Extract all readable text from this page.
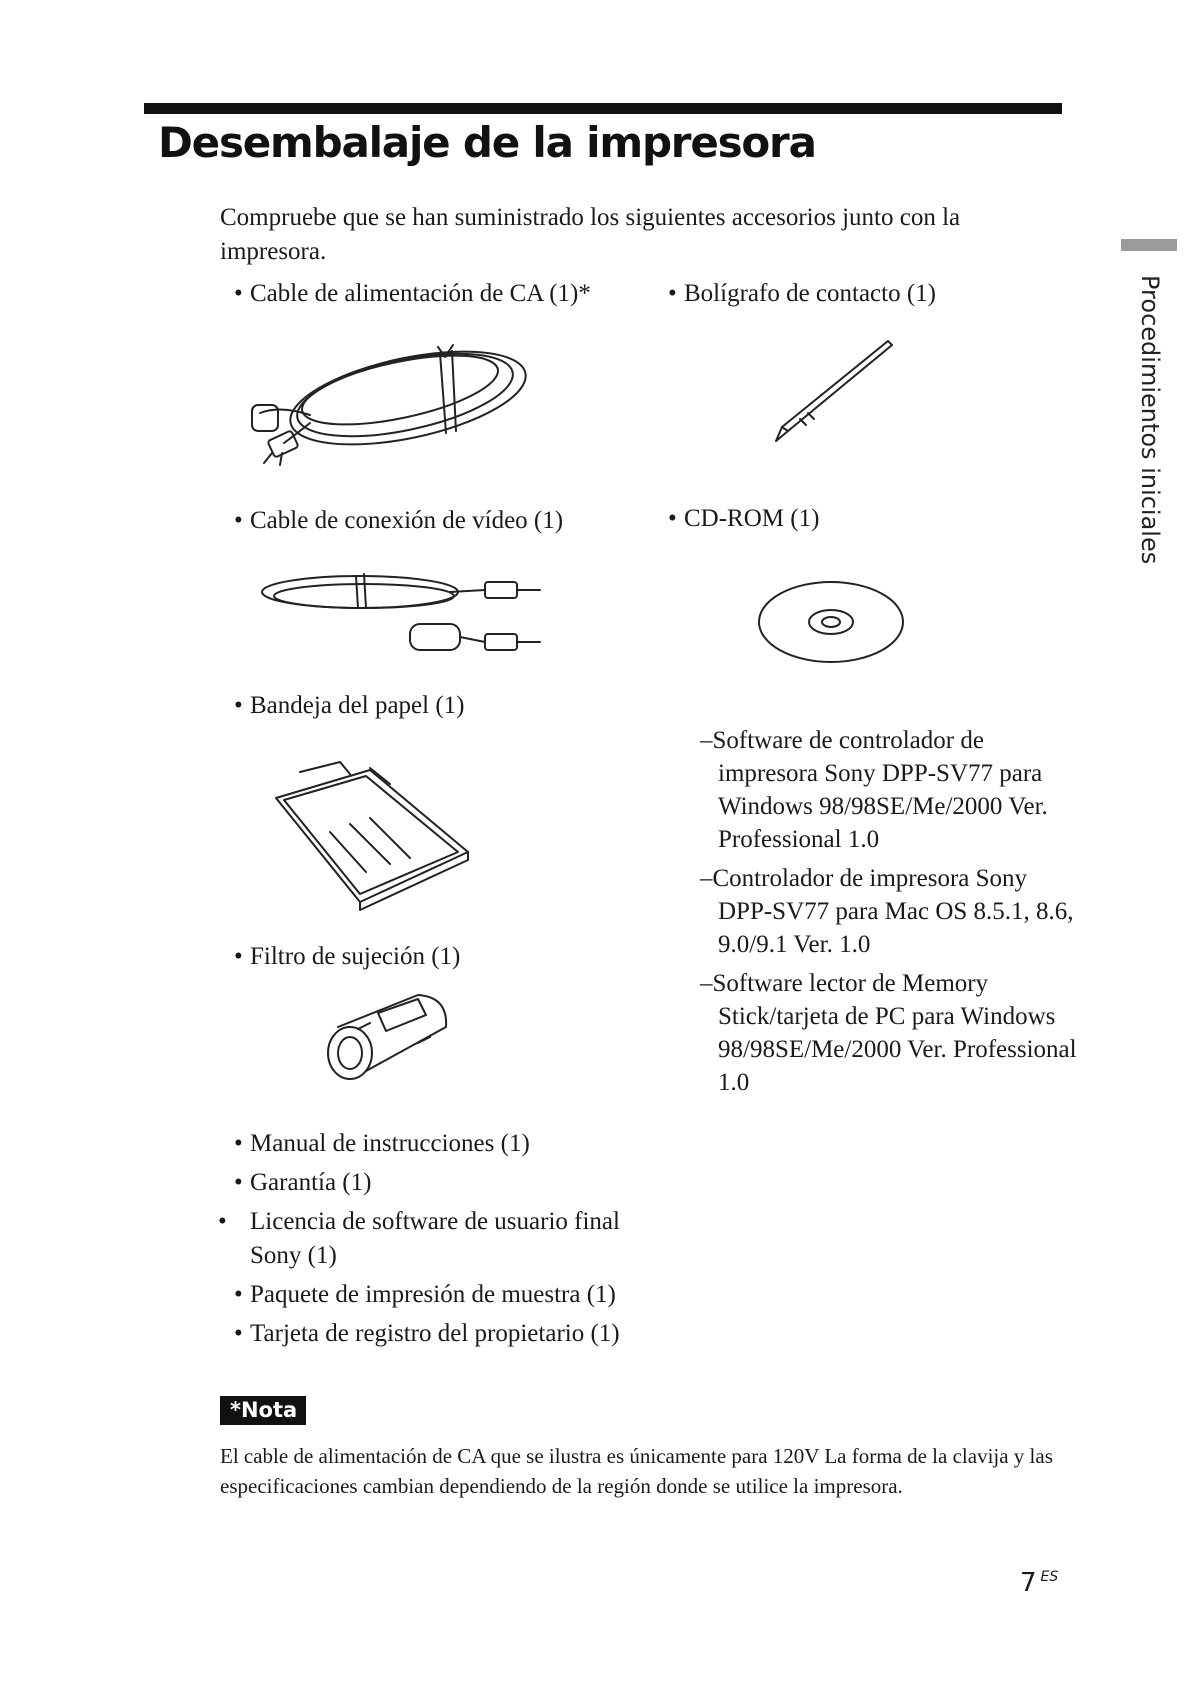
Desembalaje de la impresora
Procedimientos iniciales
Compruebe que se han suministrado los siguientes accesorios junto con la impresora.
• Cable de alimentación de CA (1)*	• Bolígrafo de contacto (1)
• Cable de conexión de vídeo (1)	• CD-ROM (1)
• Bandeja del papel (1)
–Software de controlador de impresora Sony DPP-SV77 para Windows 98/98SE/Me/2000 Ver. Professional 1.0
–Controlador de impresora Sony DPP-SV77 para Mac OS 8.5.1, 8.6, 9.0/9.1 Ver. 1.0
–Software lector de Memory Stick/tarjeta de PC para Windows 98/98SE/Me/2000 Ver. Professional 1.0
• Filtro de sujeción (1)
• Manual de instrucciones (1)
• Garantía (1)
• Licencia de software de usuario final Sony (1)
• Paquete de impresión de muestra (1)
• Tarjeta de registro del propietario (1)
*Nota
El cable de alimentación de CA que se ilustra es únicamente para 120V La forma de la clavija y las especificaciones cambian dependiendo de la región donde se utilice la impresora.
7 $^{ES}$
